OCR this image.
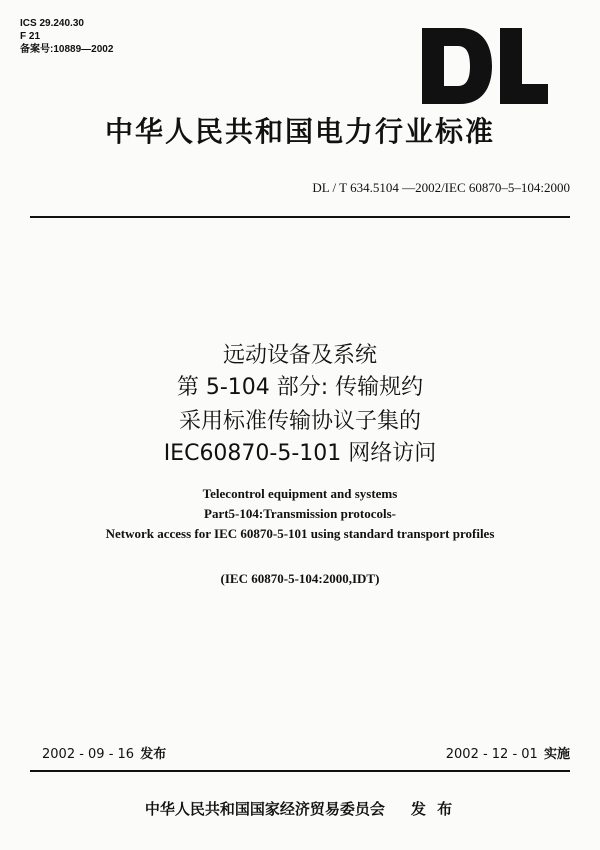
ICS 29.240.30
F 21
备案号:10889—2002
中华人民共和国电力行业标准
DL / T 634.5104 —2002/IEC 60870–5–104:2000
远动设备及系统
第 5-104 部分: 传输规约
采用标准传输协议子集的
IEC60870-5-101 网络访问
Telecontrol equipment and systems
Part5-104:Transmission protocols-
Network access for IEC 60870-5-101 using standard transport profiles
(IEC 60870-5-104:2000,IDT)
2002 - 09 - 16 发布	2002 - 12 - 01 实施
中华人民共和国国家经济贸易委员会 发 布
